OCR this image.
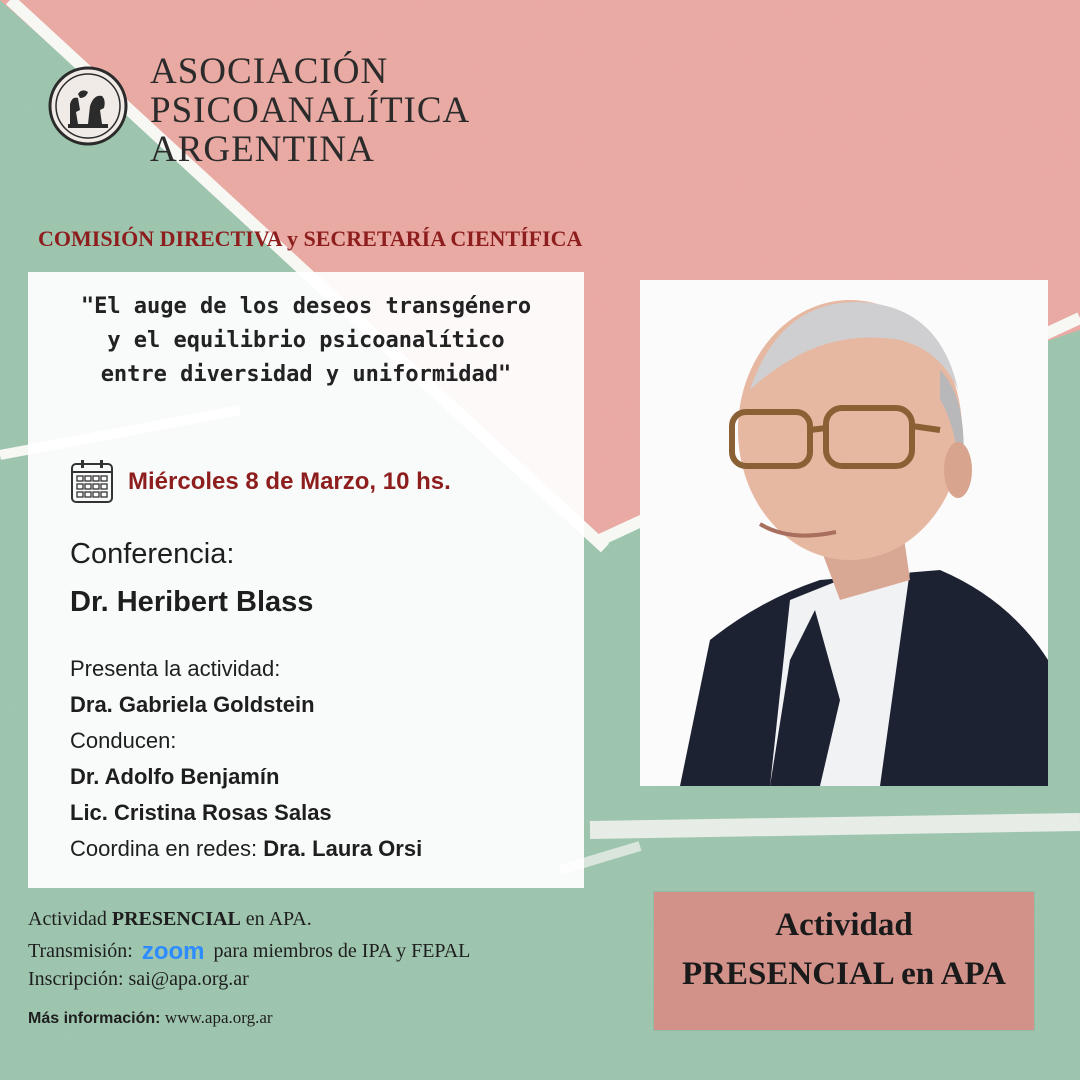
ASOCIACIÓN
PSICOANALÍTICA
ARGENTINA
COMISIÓN DIRECTIVA y SECRETARÍA CIENTÍFICA
"El auge de los deseos transgénero
y el equilibrio psicoanalítico
entre diversidad y uniformidad"
Miércoles 8 de Marzo, 10 hs.
Conferencia:
Dr. Heribert Blass
Presenta la actividad:
Dra. Gabriela Goldstein
Conducen:
Dr. Adolfo Benjamín
Lic. Cristina Rosas Salas
Coordina en redes: Dra. Laura Orsi
Actividad PRESENCIAL en APA.
Transmisión: zoom para miembros de IPA y FEPAL
Inscripción: sai@apa.org.ar
Más información: www.apa.org.ar
Actividad
PRESENCIAL en APA
